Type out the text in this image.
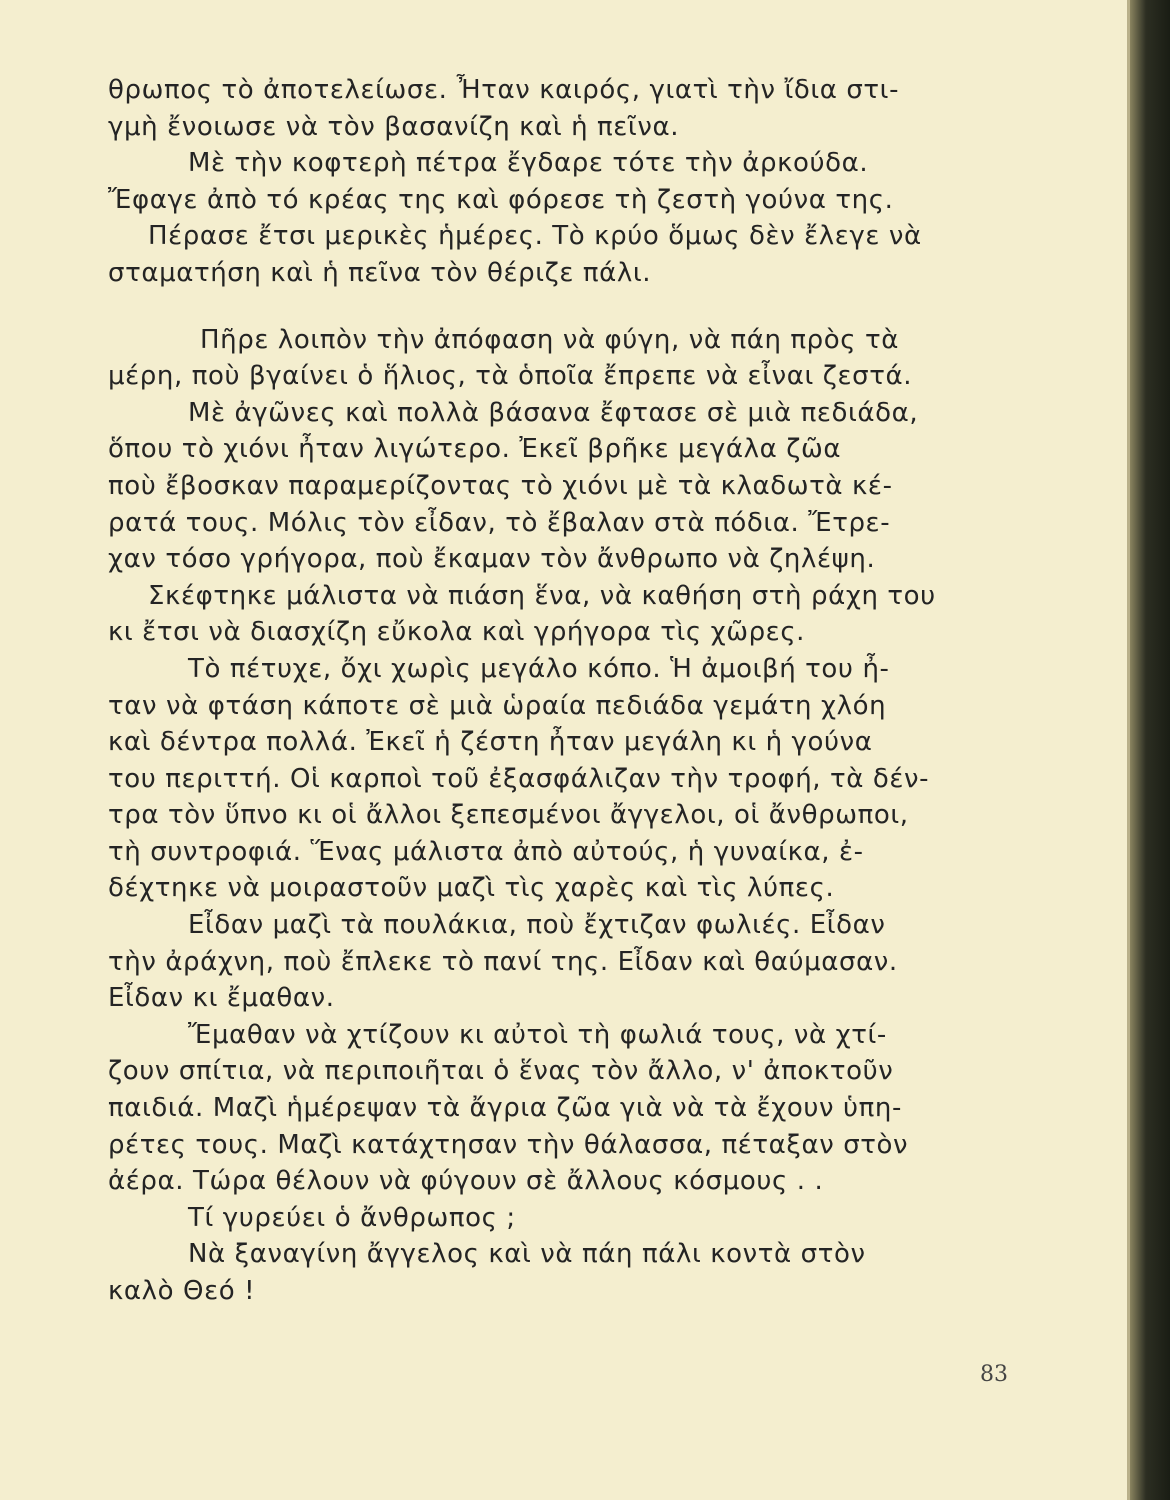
θρωπος τὸ ἀποτελείωσε. Ἦταν καιρός, γιατὶ τὴν ἴδια στι-
γμὴ ἔνοιωσε νὰ τὸν βασανίζη καὶ ἡ πεῖνα.

Μὲ τὴν κοφτερὴ πέτρα ἔγδαρε τότε τὴν ἀρκούδα.
Ἔφαγε ἀπὸ τό κρέας της καὶ φόρεσε τὴ ζεστὴ γούνα της.

Πέρασε ἔτσι μερικὲς ἡμέρες. Τὸ κρύο ὅμως δὲν ἔλεγε νὰ
σταματήση καὶ ἡ πεῖνα τὸν θέριζε πάλι.

Πῆρε λοιπὸν τὴν ἀπόφαση νὰ φύγη, νὰ πάη πρὸς τὰ
μέρη, ποὺ βγαίνει ὁ ἥλιος, τὰ ὁποῖα ἔπρεπε νὰ εἶναι ζεστά.

Μὲ ἀγῶνες καὶ πολλὰ βάσανα ἔφτασε σὲ μιὰ πεδιάδα,
ὅπου τὸ χιόνι ἦταν λιγώτερο. Ἐκεῖ βρῆκε μεγάλα ζῶα
ποὺ ἔβοσκαν παραμερίζοντας τὸ χιόνι μὲ τὰ κλαδωτὰ κέ-
ρατά τους. Μόλις τὸν εἶδαν, τὸ ἔβαλαν στὰ πόδια. Ἔτρε-
χαν τόσο γρήγορα, ποὺ ἔκαμαν τὸν ἄνθρωπο νὰ ζηλέψη.

Σκέφτηκε μάλιστα νὰ πιάση ἕνα, νὰ καθήση στὴ ράχη του
κι ἔτσι νὰ διασχίζη εὔκολα καὶ γρήγορα τὶς χῶρες.

Τὸ πέτυχε, ὄχι χωρὶς μεγάλο κόπο. Ἡ ἀμοιβή του ἦ-
ταν νὰ φτάση κάποτε σὲ μιὰ ὡραία πεδιάδα γεμάτη χλόη
καὶ δέντρα πολλά. Ἐκεῖ ἡ ζέστη ἦταν μεγάλη κι ἡ γούνα
του περιττή. Οἱ καρποὶ τοῦ ἐξασφάλιζαν τὴν τροφή, τὰ δέν-
τρα τὸν ὕπνο κι οἱ ἄλλοι ξεπεσμένοι ἄγγελοι, οἱ ἄνθρωποι,
τὴ συντροφιά. Ἕνας μάλιστα ἀπὸ αὐτούς, ἡ γυναίκα, ἐ-
δέχτηκε νὰ μοιραστοῦν μαζὶ τὶς χαρὲς καὶ τὶς λύπες.

Εἶδαν μαζὶ τὰ πουλάκια, ποὺ ἔχτιζαν φωλιές. Εἶδαν
τὴν ἀράχνη, ποὺ ἔπλεκε τὸ πανί της. Εἶδαν καὶ θαύμασαν.
Εἶδαν κι ἔμαθαν.

Ἔμαθαν νὰ χτίζουν κι αὐτοὶ τὴ φωλιά τους, νὰ χτί-
ζουν σπίτια, νὰ περιποιῆται ὁ ἕνας τὸν ἄλλο, ν' ἀποκτοῦν
παιδιά. Μαζὶ ἡμέρεψαν τὰ ἄγρια ζῶα γιὰ νὰ τὰ ἔχουν ὑπη-
ρέτες τους. Μαζὶ κατάχτησαν τὴν θάλασσα, πέταξαν στὸν
ἀέρα. Τώρα θέλουν νὰ φύγουν σὲ ἄλλους κόσμους . .

Τί γυρεύει ὁ ἄνθρωπος ;

Νὰ ξαναγίνη ἄγγελος καὶ νὰ πάη πάλι κοντὰ στὸν
καλὸ Θεό !

83
